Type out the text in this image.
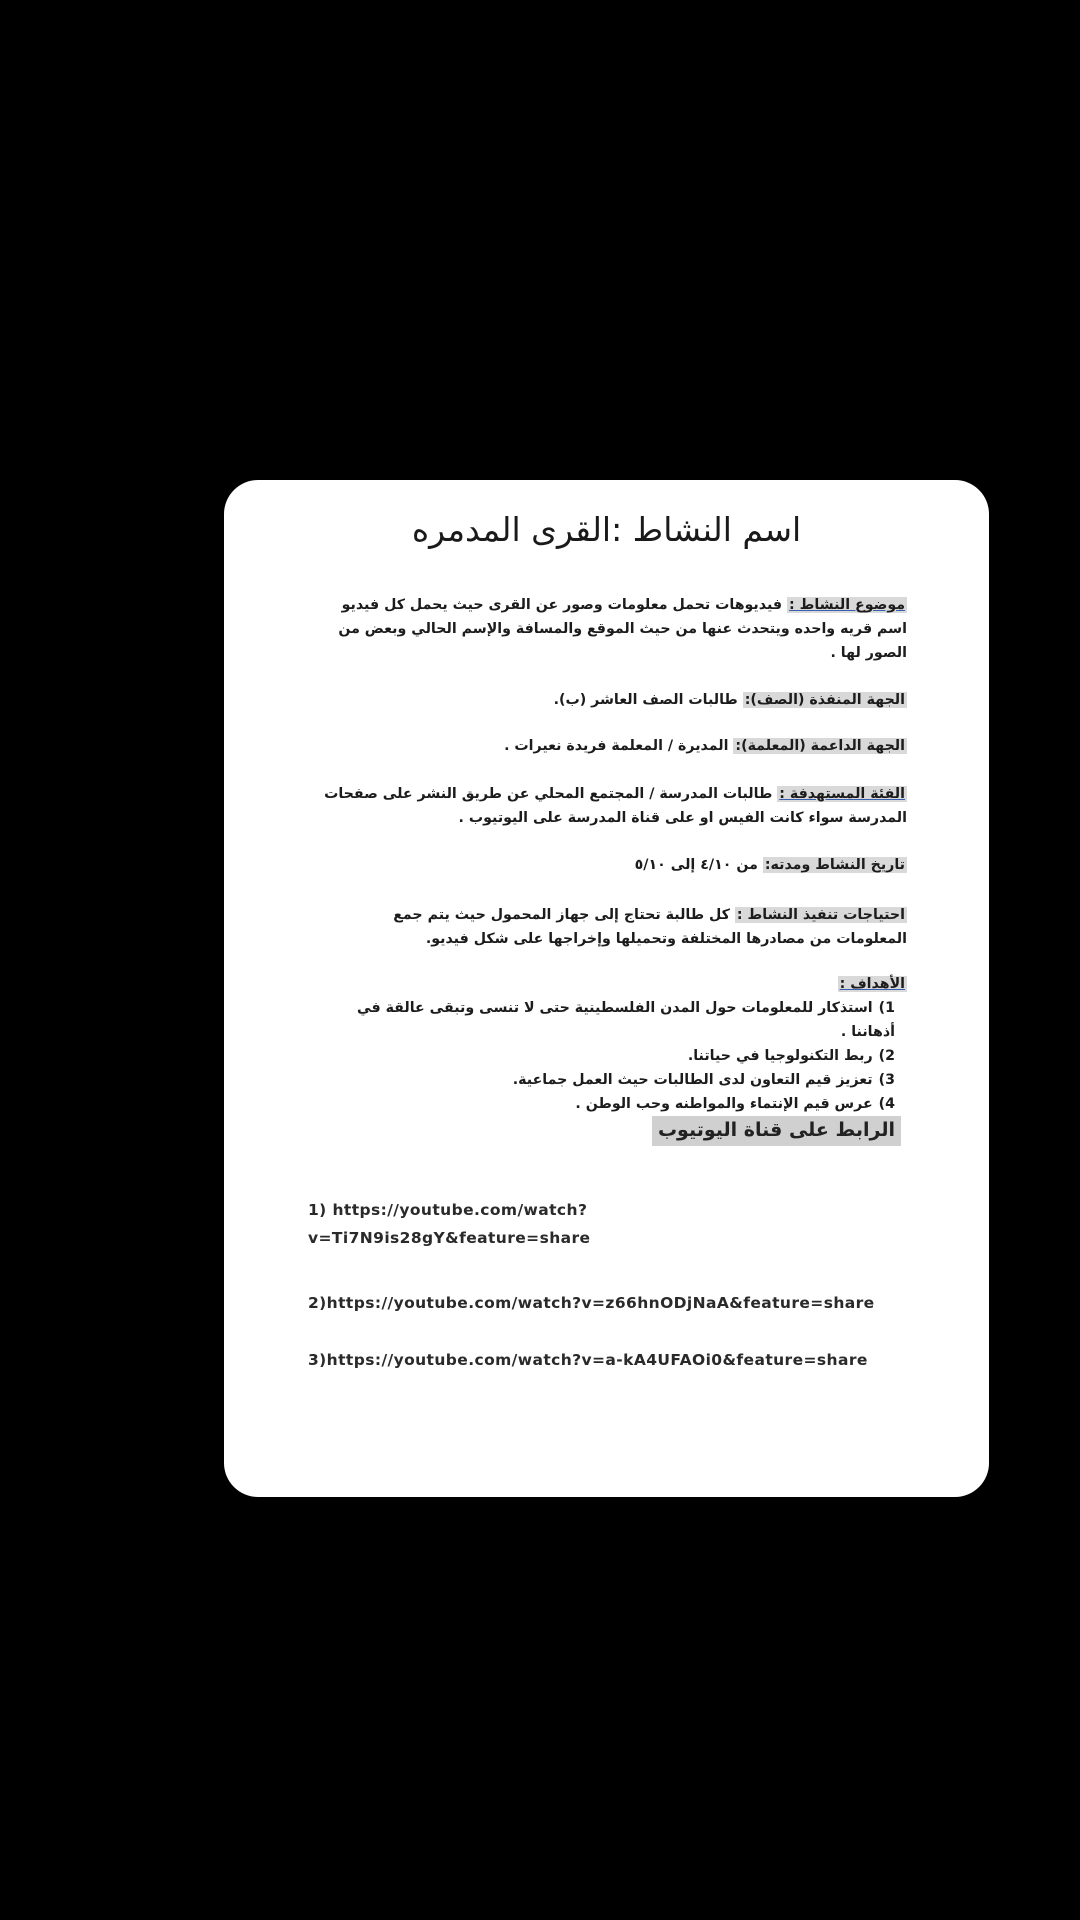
اسم النشاط :القرى المدمره
موضوع النشاط : فيديوهات تحمل معلومات وصور عن القرى حيث يحمل كل فيديو اسم قريه واحده ويتحدث عنها من حيث الموقع والمسافة والإسم الحالي وبعض من الصور لها .
الجهة المنفذة (الصف): طالبات الصف العاشر (ب).
الجهة الداعمة (المعلمة): المديرة / المعلمة فريدة نعيرات .
الفئة المستهدفة : طالبات المدرسة / المجتمع المحلي عن طريق النشر على صفحات المدرسة سواء كانت الفيس او على قناة المدرسة على اليوتيوب .
تاريخ النشاط ومدته: من ٤/١٠ إلى ٥/١٠
احتياجات تنفيذ النشاط : كل طالبة تحتاج إلى جهاز المحمول حيث يتم جمع المعلومات من مصادرها المختلفة وتحميلها وإخراجها على شكل فيديو.
الأهداف :
1)استذكار للمعلومات حول المدن الفلسطينية حتى لا تنسى وتبقى عالقة في أذهاننا .
2)ربط التكنولوجيا في حياتنا.
3)تعزيز قيم التعاون لدى الطالبات حيث العمل جماعية.
4)عرس قيم الإنتماء والمواطنه وحب الوطن .
الرابط على قناة اليوتيوب
1) https://youtube.com/watch?
v=Ti7N9is28gY&feature=share
2)https://youtube.com/watch?v=z66hnODjNaA&feature=share
3)https://youtube.com/watch?v=a-kA4UFAOi0&feature=share
